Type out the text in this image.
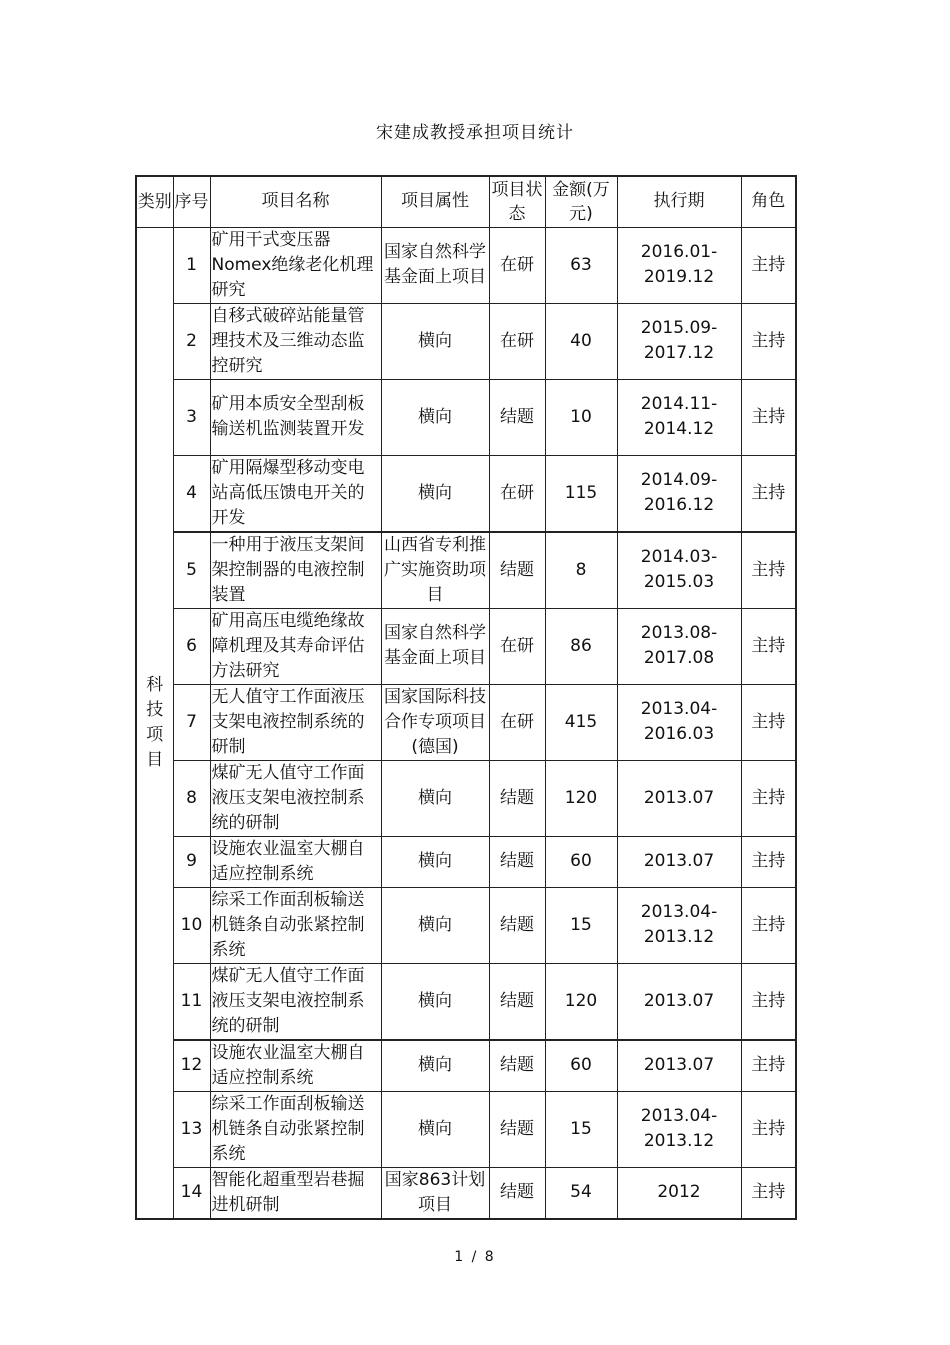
宋建成教授承担项目统计
类别	序号	项目名称	项目属性	项目状态	金额(万元)	执行期	角色

科
技
项
目	1	矿用干式变压器Nomex绝缘老化机理研究	国家自然科学基金面上项目	在研	63	2016.01-2019.12	主持
	2	自移式破碎站能量管理技术及三维动态监控研究	横向	在研	40	2015.09-2017.12	主持
	3	矿用本质安全型刮板输送机监测装置开发	横向	结题	10	2014.11-2014.12	主持
	4	矿用隔爆型移动变电站高低压馈电开关的开发	横向	在研	115	2014.09-2016.12	主持
	5	一种用于液压支架间架控制器的电液控制装置	山西省专利推广实施资助项目	结题	8	2014.03-2015.03	主持
	6	矿用高压电缆绝缘故障机理及其寿命评估方法研究	国家自然科学基金面上项目	在研	86	2013.08-2017.08	主持
	7	无人值守工作面液压支架电液控制系统的研制	国家国际科技合作专项项目(德国)	在研	415	2013.04-2016.03	主持
	8	煤矿无人值守工作面液压支架电液控制系统的研制	横向	结题	120	2013.07	主持
	9	设施农业温室大棚自适应控制系统	横向	结题	60	2013.07	主持
	10	综采工作面刮板输送机链条自动张紧控制系统	横向	结题	15	2013.04-2013.12	主持
	11	煤矿无人值守工作面液压支架电液控制系统的研制	横向	结题	120	2013.07	主持
	12	设施农业温室大棚自适应控制系统	横向	结题	60	2013.07	主持
	13	综采工作面刮板输送机链条自动张紧控制系统	横向	结题	15	2013.04-2013.12	主持
	14	智能化超重型岩巷掘进机研制	国家863计划项目	结题	54	2012	主持
1 / 8
